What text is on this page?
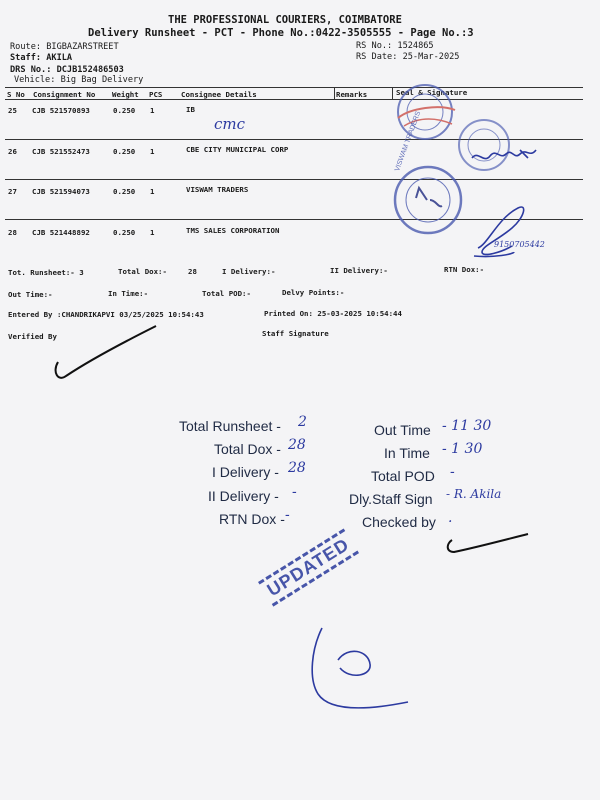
THE PROFESSIONAL COURIERS, COIMBATORE
Delivery Runsheet - PCT - Phone No.:0422-3505555 - Page No.:3
Route: BIGBAZARSTREET
Staff: AKILA
DRS No.: DCJB152486503
Vehicle: Big Bag Delivery
RS No.: 1524865
RS Date: 25-Mar-2025
S No Consignment No Weight PCS	Consignee Details	Remarks	Seal & Signature
25 CJB 521570893	0.250 1	IB
cmc
26 CJB 521552473	0.250 1	CBE CITY MUNICIPAL CORP
27 CJB 521594073	0.250 1	VISWAM TRADERS
28 CJB 521448892	0.250 1	TMS SALES CORPORATION
Tot. Runsheet:- 3	Total Dox:-	28	I Delivery:-	II Delivery:-	RTN Dox:-
Out Time:-	In Time:-	Total POD:-	Delvy Points:-
Entered By :CHANDRIKAPVI 03/25/2025 10:54:43	Printed On: 25-03-2025 10:54:44
Verified By	Staff Signature
VISWAM TRADERS
9150705442
UPDATED
Total Runsheet - 2
Total Dox - 28
I Delivery - 28
II Delivery - -
RTN Dox - -
Out Time - 11 30
In Time - 1 30
Total POD -
Dly.Staff Sign - R. Akila
Checked by .
